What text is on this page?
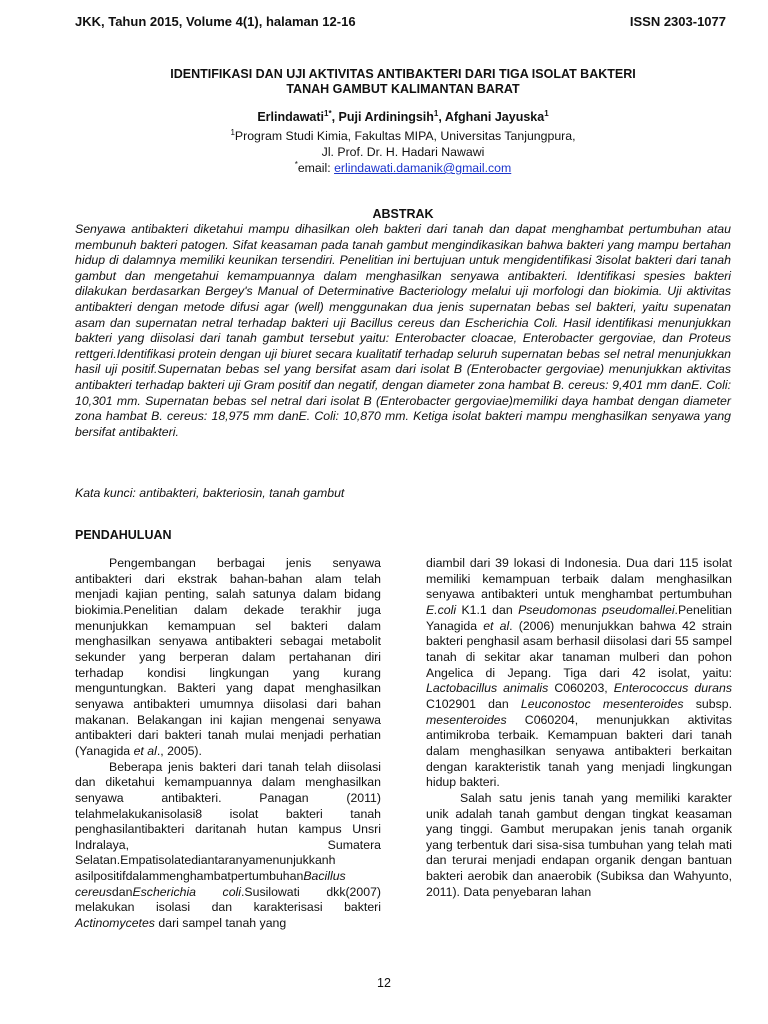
JKK, Tahun 2015, Volume 4(1), halaman 12-16	ISSN 2303-1077
IDENTIFIKASI DAN UJI AKTIVITAS ANTIBAKTERI DARI TIGA ISOLAT BAKTERI
TANAH GAMBUT KALIMANTAN BARAT
Erlindawati$^{1*}$, Puji Ardiningsih$^1$, Afghani Jayuska$^1$
$^1$Program Studi Kimia, Fakultas MIPA, Universitas Tanjungpura,
Jl. Prof. Dr. H. Hadari Nawawi
*email: erlindawati.damanik@gmail.com
ABSTRAK

Senyawa antibakteri diketahui mampu dihasilkan oleh bakteri dari tanah dan dapat menghambat pertumbuhan atau membunuh bakteri patogen. Sifat keasaman pada tanah gambut mengindikasikan bahwa bakteri yang mampu bertahan hidup di dalamnya memiliki keunikan tersendiri. Penelitian ini bertujuan untuk mengidentifikasi 3isolat bakteri dari tanah gambut dan mengetahui kemampuannya dalam menghasilkan senyawa antibakteri. Identifikasi spesies bakteri dilakukan berdasarkan Bergey's Manual of Determinative Bacteriology melalui uji morfologi dan biokimia. Uji aktivitas antibakteri dengan metode difusi agar (well) menggunakan dua jenis supernatan bebas sel bakteri, yaitu supenatan asam dan supernatan netral terhadap bakteri uji Bacillus cereus dan Escherichia Coli. Hasil identifikasi menunjukkan bakteri yang diisolasi dari tanah gambut tersebut yaitu: Enterobacter cloacae, Enterobacter gergoviae, dan Proteus rettgeri.Identifikasi protein dengan uji biuret secara kualitatif terhadap seluruh supernatan bebas sel netral menunjukkan hasil uji positif.Supernatan bebas sel yang bersifat asam dari isolat B (Enterobacter gergoviae) menunjukkan aktivitas antibakteri terhadap bakteri uji Gram positif dan negatif, dengan diameter zona hambat B. cereus: 9,401 mm danE. Coli: 10,301 mm. Supernatan bebas sel netral dari isolat B (Enterobacter gergoviae)memiliki daya hambat dengan diameter zona hambat B. cereus: 18,975 mm danE. Coli: 10,870 mm. Ketiga isolat bakteri mampu menghasilkan senyawa yang bersifat antibakteri.

Kata kunci: antibakteri, bakteriosin, tanah gambut

PENDAHULUAN

Pengembangan berbagai jenis senyawa antibakteri dari ekstrak bahan-bahan alam telah menjadi kajian penting, salah satunya dalam bidang biokimia.Penelitian dalam dekade terakhir juga menunjukkan kemampuan sel bakteri dalam menghasilkan senyawa antibakteri sebagai metabolit sekunder yang berperan dalam pertahanan diri terhadap kondisi lingkungan yang kurang menguntungkan. Bakteri yang dapat menghasilkan senyawa antibakteri umumnya diisolasi dari bahan makanan. Belakangan ini kajian mengenai senyawa antibakteri dari bakteri tanah mulai menjadi perhatian (Yanagida et al., 2005).

Beberapa jenis bakteri dari tanah telah diisolasi dan diketahui kemampuannya dalam menghasilkan senyawa antibakteri. Panagan (2011) telahmelakukanisolasi8 isolat bakteri tanah penghasilantibakteri daritanah hutan kampus Unsri Indralaya, Sumatera Selatan.Empatisolatediantaranyamenunjukkanh asilpositifdalammenghambatpertumbuhanBacillus cereusdanEscherichia coli.Susilowati dkk(2007) melakukan isolasi dan karakterisasi bakteri Actinomycetes dari sampel tanah yang

diambil dari 39 lokasi di Indonesia. Dua dari 115 isolat memiliki kemampuan terbaik dalam menghasilkan senyawa antibakteri untuk menghambat pertumbuhan E.coli K1.1 dan Pseudomonas pseudomallei.Penelitian Yanagida et al. (2006) menunjukkan bahwa 42 strain bakteri penghasil asam berhasil diisolasi dari 55 sampel tanah di sekitar akar tanaman mulberi dan pohon Angelica di Jepang. Tiga dari 42 isolat, yaitu: Lactobacillus animalis C060203, Enterococcus durans C102901 dan Leuconostoc mesenteroides subsp. mesenteroides C060204, menunjukkan aktivitas antimikroba terbaik. Kemampuan bakteri dari tanah dalam menghasilkan senyawa antibakteri berkaitan dengan karakteristik tanah yang menjadi lingkungan hidup bakteri.

Salah satu jenis tanah yang memiliki karakter unik adalah tanah gambut dengan tingkat keasaman yang tinggi. Gambut merupakan jenis tanah organik yang terbentuk dari sisa-sisa tumbuhan yang telah mati dan terurai menjadi endapan organik dengan bantuan bakteri aerobik dan anaerobik (Subiksa dan Wahyunto, 2011). Data penyebaran lahan

12
